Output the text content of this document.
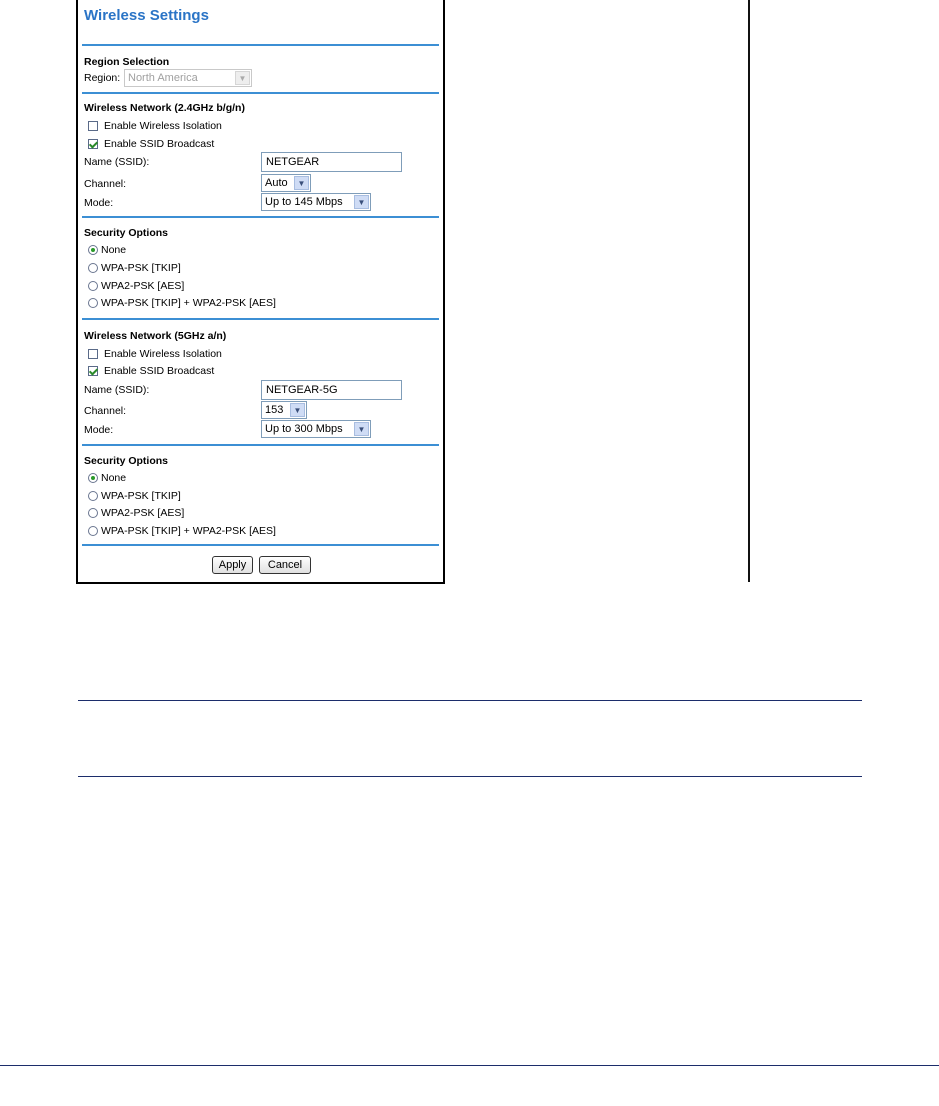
Wireless Settings
Region Selection
Region: North America	▼
Wireless Network (2.4GHz b/g/n)
Enable Wireless Isolation
Enable SSID Broadcast
Name (SSID):	NETGEAR
Channel:	Auto	▼
Mode:	Up to 145 Mbps	▼
Security Options
None
WPA-PSK [TKIP]
WPA2-PSK [AES]
WPA-PSK [TKIP] + WPA2-PSK [AES]
Wireless Network (5GHz a/n)
Enable Wireless Isolation
Enable SSID Broadcast
Name (SSID):	NETGEAR-5G
Channel:	153	▼
Mode:	Up to 300 Mbps	▼
Security Options
None
WPA-PSK [TKIP]
WPA2-PSK [AES]
WPA-PSK [TKIP] + WPA2-PSK [AES]
Apply	Cancel
